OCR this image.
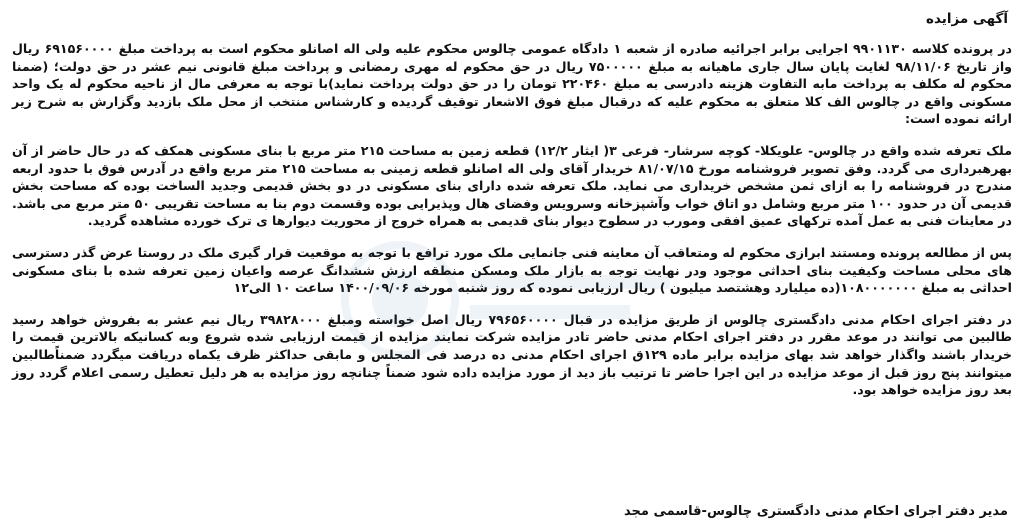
آگهی مزایده

در پرونده کلاسه ۹۹۰۱۱۳۰ اجرایی برابر اجرائیه صادره از شعبه ۱ دادگاه عمومی چالوس محکوم علیه ولی اله اصانلو محکوم است به پرداخت مبلغ ۶۹۱۵۶۰۰۰۰ ریال واز تاریخ ۹۸/۱۱/۰۶ لغایت پایان سال جاری ماهیانه به مبلغ ۷۵۰۰۰۰۰ ریال در حق محکوم له مهری رمضانی و پرداخت مبلغ قانونی نیم عشر در حق دولت؛ (ضمنا محکوم له مکلف به پرداخت مابه التفاوت هزینه دادرسی به مبلغ ۲۲۰۴۶۰ تومان را در حق دولت پرداخت نماید)با توجه به معرفی مال از ناحیه محکوم له یک واحد مسکونی واقع در چالوس الف کلا متعلق به محکوم علیه که درقبال مبلغ فوق الاشعار توقیف گردیده و کارشناس منتخب از محل ملک بازدید وگزارش به شرح زیر ارائه نموده است:

ملک تعرفه شده واقع در چالوس- علویکلا- کوچه سرشار- فرعی ۳( ایثار ۱۲/۲) قطعه زمین به مساحت ۲۱۵ متر مربع با بنای مسکونی همکف که در حال حاضر از آن بهرهبرداری می گردد. وفق تصویر فروشنامه مورخ ۸۱/۰۷/۱۵ خریدار آقای ولی اله اصانلو قطعه زمینی به مساحت ۲۱۵ متر مربع واقع در آدرس فوق با حدود اربعه مندرج در فروشنامه را به ازای ثمن مشخص خریداری می نماید. ملک تعرفه شده دارای بنای مسکونی در دو بخش قدیمی وجدید الساخت بوده که مساحت بخش قدیمی آن در حدود ۱۰۰ متر مربع وشامل دو اتاق خواب وآشپزخانه وسرویس وفضای هال وپذیرایی بوده وقسمت دوم بنا به مساحت تقریبی ۵۰ متر مربع می باشد. در معاینات فنی به عمل آمده ترکهای عمیق افقی ومورب در سطوح دیوار بنای قدیمی به همراه خروج از محوریت دیوارها ی ترک خورده مشاهده گردید.

پس از مطالعه پرونده ومستند ابرازی محکوم له ومتعاقب آن معاینه فنی جانمایی ملک مورد ترافع با توجه به موقعیت قرار گیری ملک در روستا عرض گذر دسترسی های محلی مساحت وکیفیت بنای احداثی موجود ودر نهایت توجه به بازار ملک ومسکن منطقه ارزش ششدانگ عرصه واعیان زمین تعرفه شده با بنای مسکونی احداثی به مبلغ ۱۰۸۰۰۰۰۰۰۰(ده میلیارد وهشتصد میلیون ) ریال ارزیابی نموده که روز شنبه مورخه ۱۴۰۰/۰۹/۰۶ ساعت ۱۰ الی۱۲

در دفتر اجرای احکام مدنی دادگستری چالوس از طریق مزایده در قبال ۷۹۶۵۶۰۰۰۰ ریال اصل خواسته ومبلغ ۳۹۸۲۸۰۰۰ ریال نیم عشر به بفروش خواهد رسید طالبین می توانند در موعد مقرر در دفتر اجرای احکام مدنی حاضر تادر مزایده شرکت نمایند مزایده از قیمت ارزیابی شده شروع وبه کسانیکه بالاترین قیمت را خریدار باشند واگذار خواهد شد بهای مزایده برابر ماده ۱۲۹ق اجرای احکام مدنی ده درصد فی المجلس و مابقی حداکثر ظرف یکماه دریافت میگردد ضمناًطالبین میتوانند پنج روز قبل از موعد مزایده در این اجرا حاضر تا ترتیب باز دید از مورد مزایده داده شود ضمناً چنانچه روز مزایده به هر دلیل تعطیل رسمی اعلام گردد روز بعد روز مزایده خواهد بود.

مدیر دفتر اجرای احکام مدنی دادگستری چالوس-قاسمی مجد
